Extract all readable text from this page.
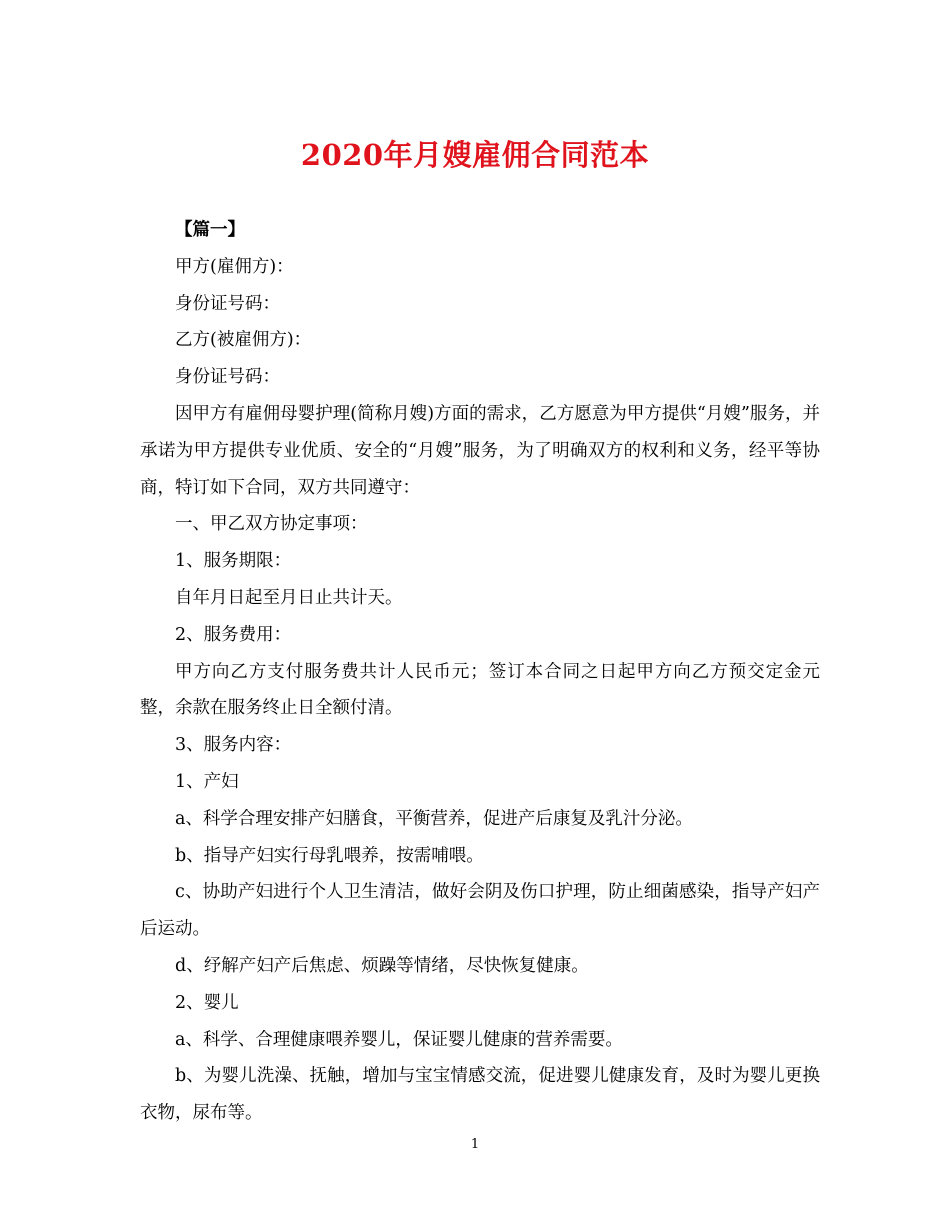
2020年月嫂雇佣合同范本

【篇一】

甲方(雇佣方)：

身份证号码：

乙方(被雇佣方)：

身份证号码：

因甲方有雇佣母婴护理(简称月嫂)方面的需求，乙方愿意为甲方提供“月嫂”服务，并承诺为甲方提供专业优质、安全的“月嫂”服务，为了明确双方的权利和义务，经平等协商，特订如下合同，双方共同遵守：

一、甲乙双方协定事项：

1、服务期限：

自年月日起至月日止共计天。

2、服务费用：

甲方向乙方支付服务费共计人民币元；签订本合同之日起甲方向乙方预交定金元整，余款在服务终止日全额付清。

3、服务内容：

1、产妇

a、科学合理安排产妇膳食，平衡营养，促进产后康复及乳汁分泌。

b、指导产妇实行母乳喂养，按需哺喂。

c、协助产妇进行个人卫生清洁，做好会阴及伤口护理，防止细菌感染，指导产妇产后运动。

d、纾解产妇产后焦虑、烦躁等情绪，尽快恢复健康。

2、婴儿

a、科学、合理健康喂养婴儿，保证婴儿健康的营养需要。

b、为婴儿洗澡、抚触，增加与宝宝情感交流，促进婴儿健康发育，及时为婴儿更换衣物，尿布等。

1
